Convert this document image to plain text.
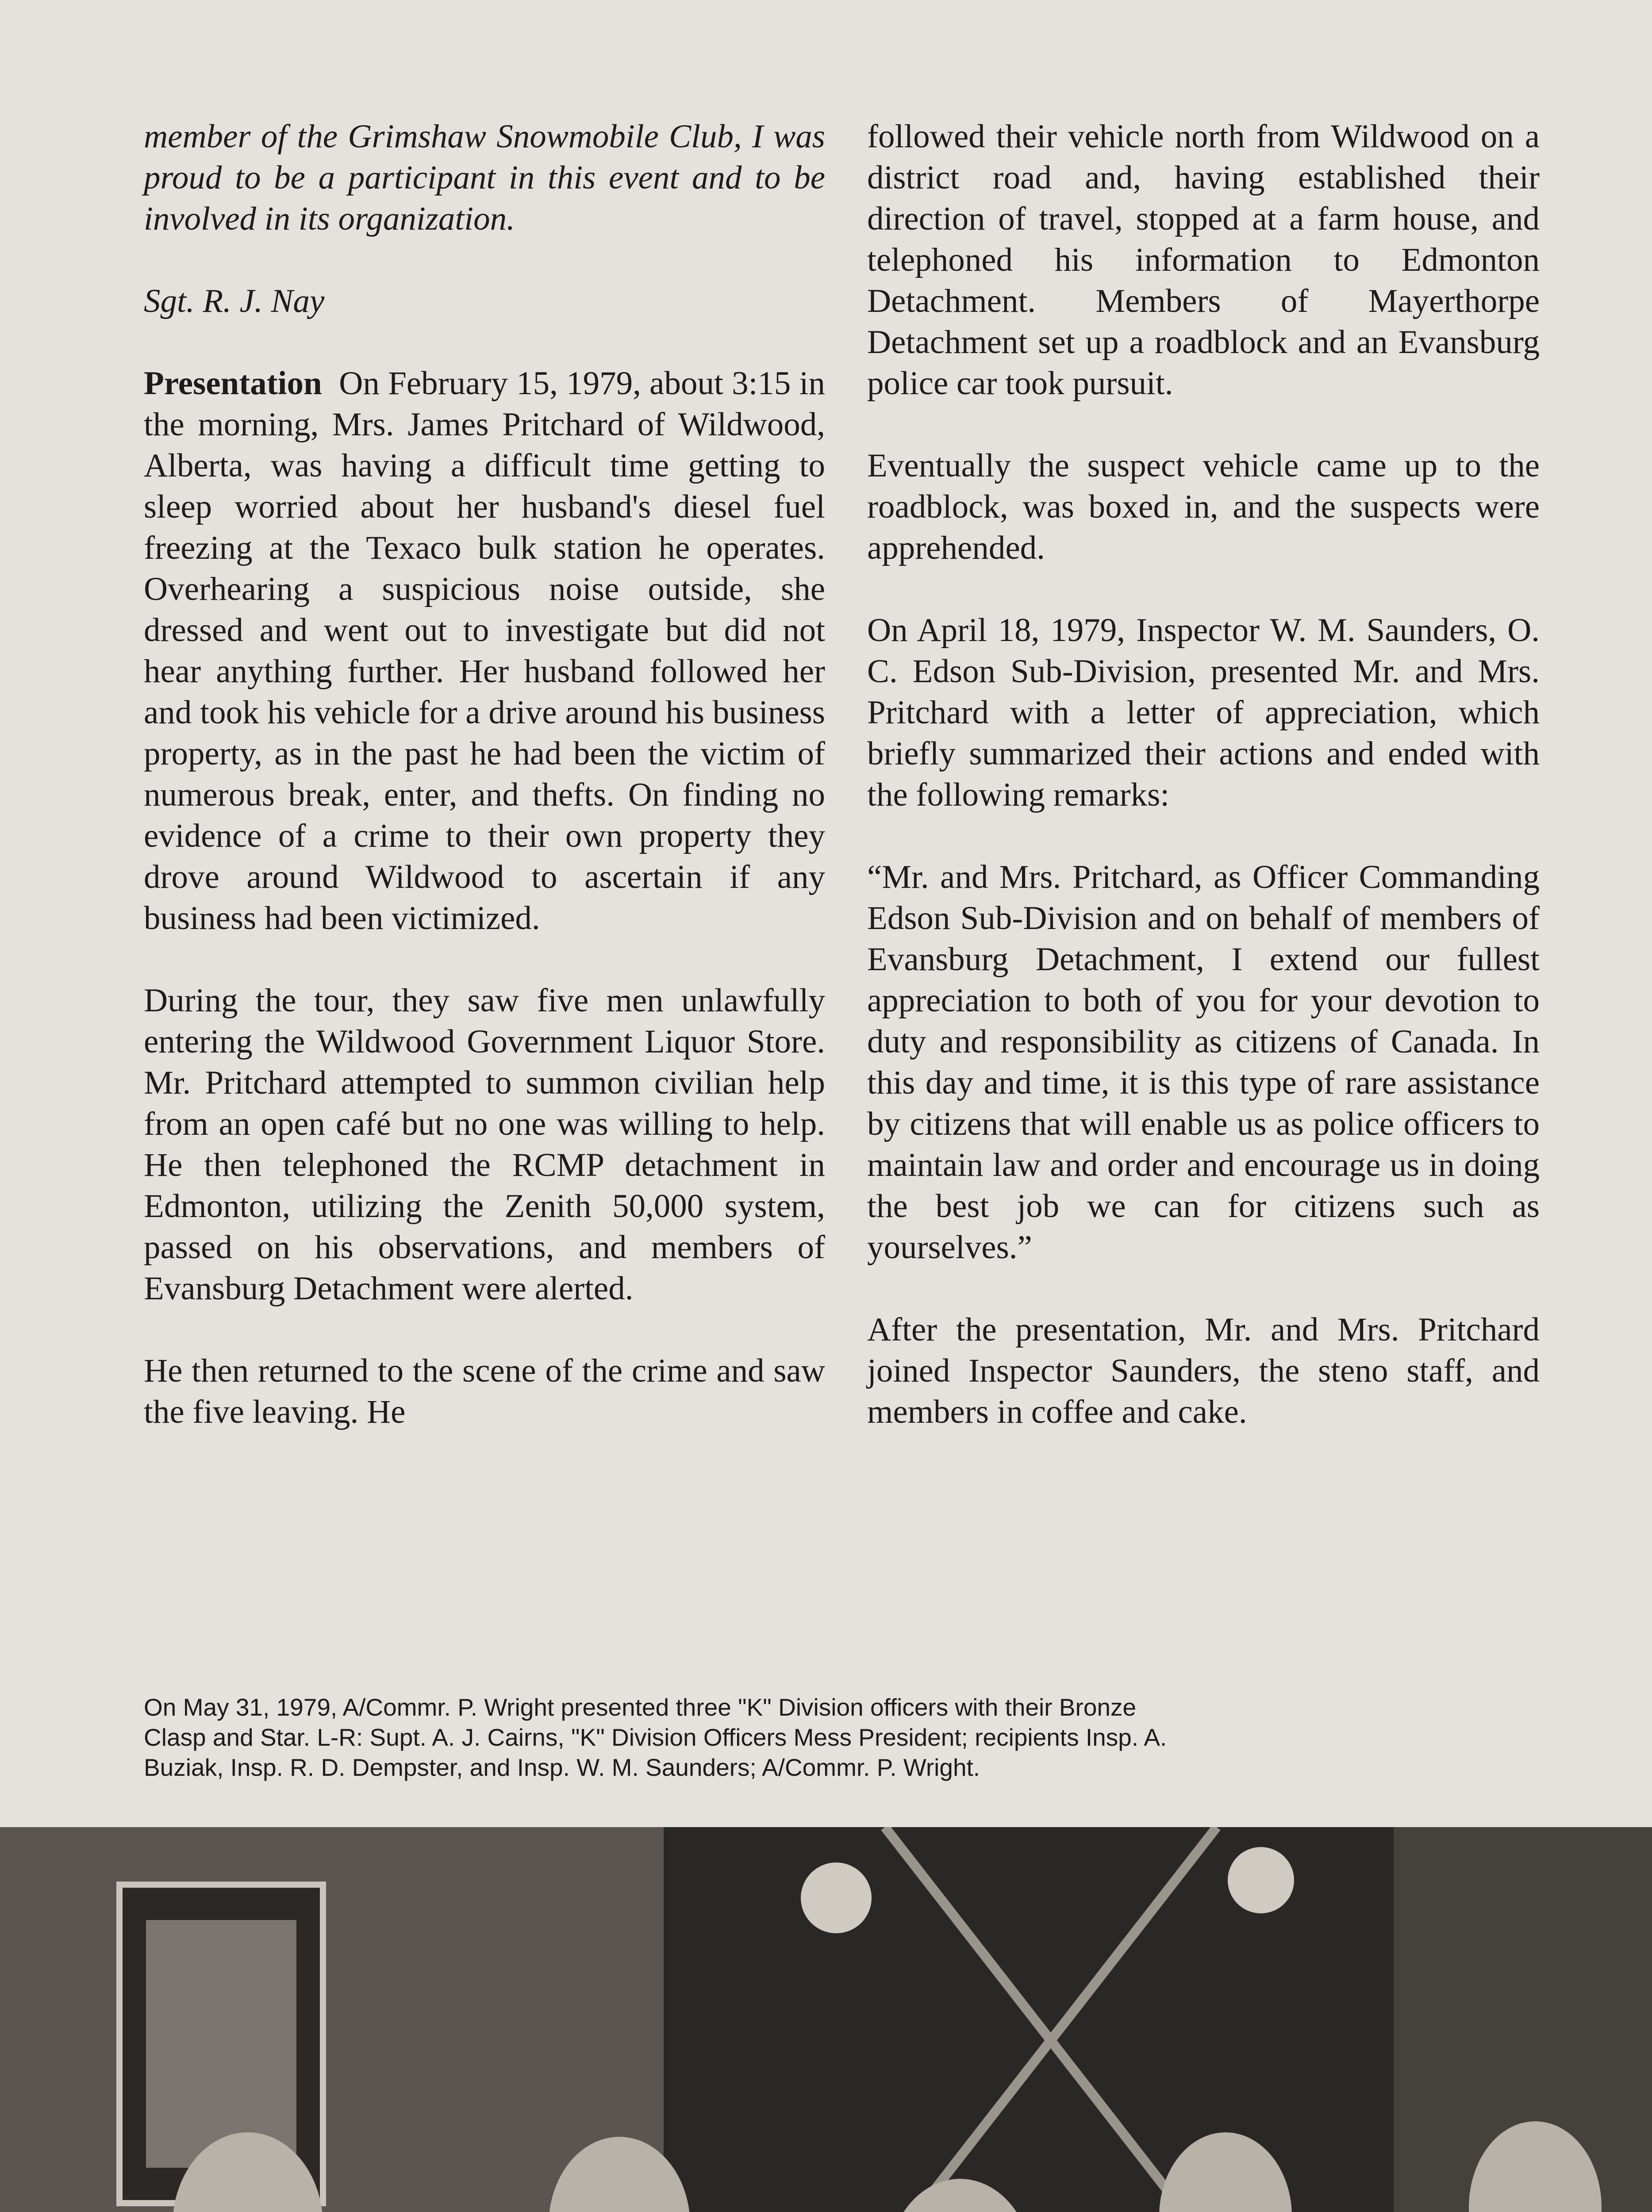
member of the Grimshaw Snowmobile Club, I was proud to be a participant in this event and to be involved in its organization.

Sgt. R. J. Nay

Presentation On February 15, 1979, about 3:15 in the morning, Mrs. James Pritchard of Wildwood, Alberta, was having a difficult time getting to sleep worried about her husband's diesel fuel freezing at the Texaco bulk station he operates. Overhearing a suspicious noise outside, she dressed and went out to investigate but did not hear anything further. Her husband followed her and took his vehicle for a drive around his business property, as in the past he had been the victim of numerous break, enter, and thefts. On finding no evidence of a crime to their own property they drove around Wildwood to ascertain if any business had been victimized.

During the tour, they saw five men unlawfully entering the Wildwood Government Liquor Store. Mr. Pritchard attempted to summon civilian help from an open café but no one was willing to help. He then telephoned the RCMP detachment in Edmonton, utilizing the Zenith 50,000 system, passed on his observations, and members of Evansburg Detachment were alerted.

He then returned to the scene of the crime and saw the five leaving. He

followed their vehicle north from Wildwood on a district road and, having established their direction of travel, stopped at a farm house, and telephoned his information to Edmonton Detachment. Members of Mayerthorpe Detachment set up a roadblock and an Evansburg police car took pursuit.

Eventually the suspect vehicle came up to the roadblock, was boxed in, and the suspects were apprehended.

On April 18, 1979, Inspector W. M. Saunders, O. C. Edson Sub-Division, presented Mr. and Mrs. Pritchard with a letter of appreciation, which briefly summarized their actions and ended with the following remarks:

“Mr. and Mrs. Pritchard, as Officer Commanding Edson Sub-Division and on behalf of members of Evansburg Detachment, I extend our fullest appreciation to both of you for your devotion to duty and responsibility as citizens of Canada. In this day and time, it is this type of rare assistance by citizens that will enable us as police officers to maintain law and order and encourage us in doing the best job we can for citizens such as yourselves.”

After the presentation, Mr. and Mrs. Pritchard joined Inspector Saunders, the steno staff, and members in coffee and cake.

On May 31, 1979, A/Commr. P. Wright presented three "K" Division officers with their Bronze
Clasp and Star. L-R: Supt. A. J. Cairns, "K" Division Officers Mess President; recipients Insp. A.
Buziak, Insp. R. D. Dempster, and Insp. W. M. Saunders; A/Commr. P. Wright.
